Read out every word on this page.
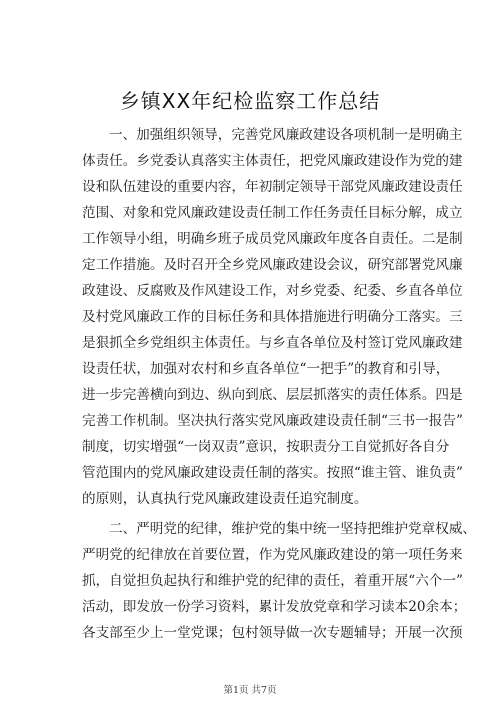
乡镇XX年纪检监察工作总结
一、加强组织领导，完善党风廉政建设各项机制一是明确主
体责任。乡党委认真落实主体责任，把党风廉政建设作为党的建
设和队伍建设的重要内容，年初制定领导干部党风廉政建设责任
范围、对象和党风廉政建设责任制工作任务责任目标分解，成立
工作领导小组，明确乡班子成员党风廉政年度各自责任。二是制
定工作措施。及时召开全乡党风廉政建设会议，研究部署党风廉
政建设、反腐败及作风建设工作，对乡党委、纪委、乡直各单位
及村党风廉政工作的目标任务和具体措施进行明确分工落实。三
是狠抓全乡党组织主体责任。与乡直各单位及村签订党风廉政建
设责任状，加强对农村和乡直各单位“一把手”的教育和引导，
进一步完善横向到边、纵向到底、层层抓落实的责任体系。四是
完善工作机制。坚决执行落实党风廉政建设责任制“三书一报告”
制度，切实增强“一岗双责”意识，按职责分工自觉抓好各自分
管范围内的党风廉政建设责任制的落实。按照“谁主管、谁负责”
的原则，认真执行党风廉政建设责任追究制度。
二、严明党的纪律，维护党的集中统一坚持把维护党章权威、
严明党的纪律放在首要位置，作为党风廉政建设的第一项任务来
抓，自觉担负起执行和维护党的纪律的责任，着重开展“六个一”
活动，即发放一份学习资料，累计发放党章和学习读本20余本；
各支部至少上一堂党课；包村领导做一次专题辅导；开展一次预
第1页 共7页
